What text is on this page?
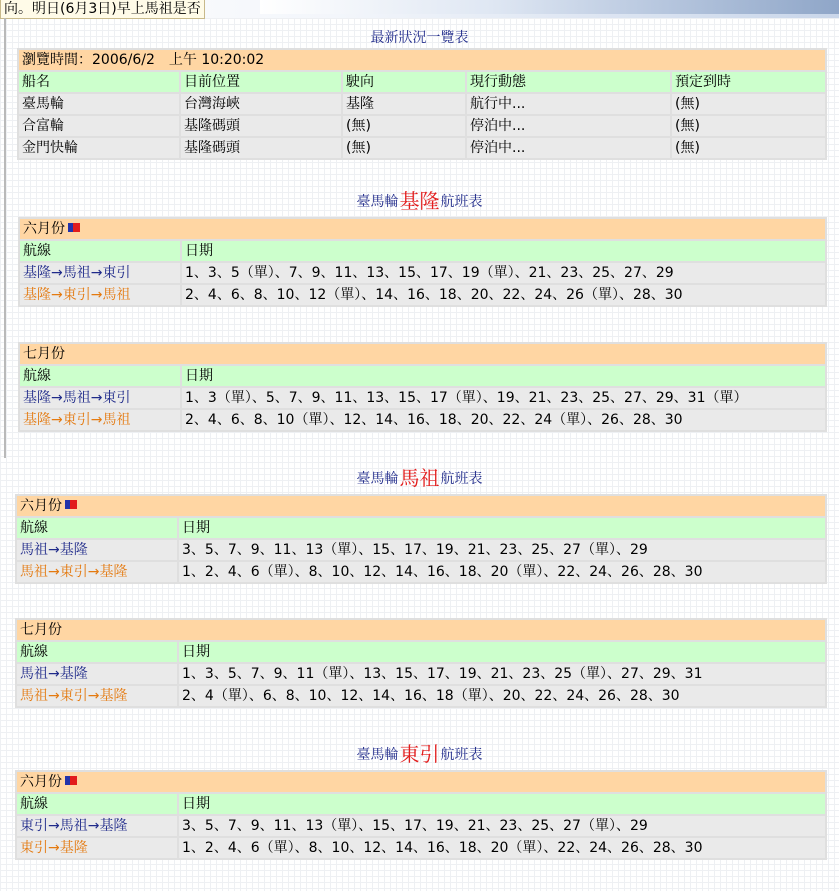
向。明日(6月3日)早上馬祖是否
最新狀況一覽表
瀏覽時間：2006/6/2　上午 10:20:02				
船名	目前位置	駛向	現行動態	預定到時
臺馬輪	台灣海峽	基隆	航行中...	(無)
合富輪	基隆碼頭	(無)	停泊中...	(無)
金門快輪	基隆碼頭	(無)	停泊中...	(無)
臺馬輪基隆航班表
六月份	
航線	日期
基隆→馬祖→東引	1、3、5（單）、7、9、11、13、15、17、19（單）、21、23、25、27、29
基隆→東引→馬祖	2、4、6、8、10、12（單）、14、16、18、20、22、24、26（單）、28、30
七月份	
航線	日期
基隆→馬祖→東引	1、3（單）、5、7、9、11、13、15、17（單）、19、21、23、25、27、29、31（單）
基隆→東引→馬祖	2、4、6、8、10（單）、12、14、16、18、20、22、24（單）、26、28、30
臺馬輪馬祖航班表
六月份	
航線	日期
馬祖→基隆	3、5、7、9、11、13（單）、15、17、19、21、23、25、27（單）、29
馬祖→東引→基隆	1、2、4、6（單）、8、10、12、14、16、18、20（單）、22、24、26、28、30
七月份	
航線	日期
馬祖→基隆	1、3、5、7、9、11（單）、13、15、17、19、21、23、25（單）、27、29、31
馬祖→東引→基隆	2、4（單）、6、8、10、12、14、16、18（單）、20、22、24、26、28、30
臺馬輪東引航班表
六月份	
航線	日期
東引→馬祖→基隆	3、5、7、9、11、13（單）、15、17、19、21、23、25、27（單）、29
東引→基隆	1、2、4、6（單）、8、10、12、14、16、18、20（單）、22、24、26、28、30
